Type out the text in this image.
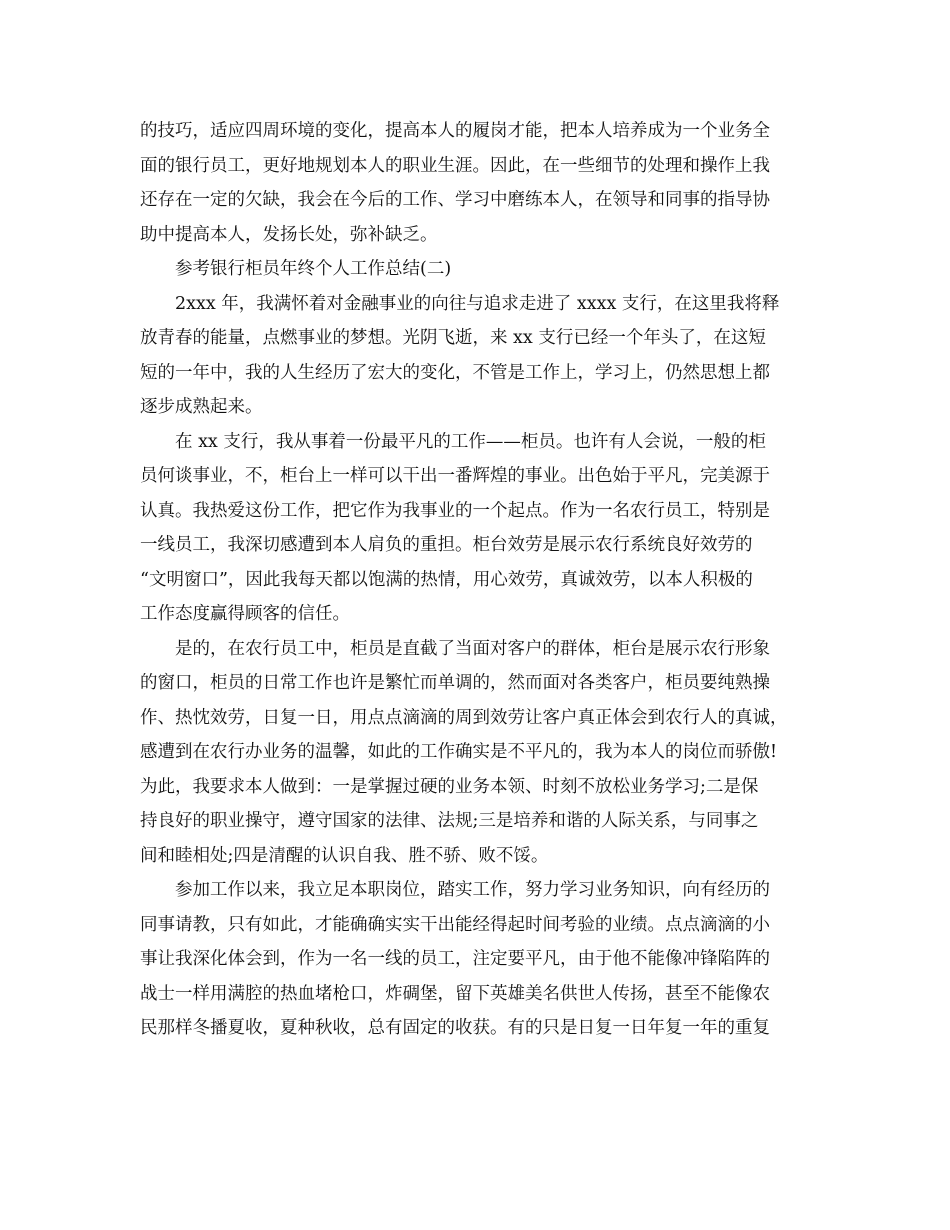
的技巧，适应四周环境的变化，提高本人的履岗才能，把本人培养成为一个业务全
面的银行员工，更好地规划本人的职业生涯。因此，在一些细节的处理和操作上我
还存在一定的欠缺，我会在今后的工作、学习中磨练本人，在领导和同事的指导协
助中提高本人，发扬长处，弥补缺乏。
参考银行柜员年终个人工作总结(二)
2xxx 年，我满怀着对金融事业的向往与追求走进了 xxxx 支行，在这里我将释
放青春的能量，点燃事业的梦想。光阴飞逝，来 xx 支行已经一个年头了，在这短
短的一年中，我的人生经历了宏大的变化，不管是工作上，学习上，仍然思想上都
逐步成熟起来。
在 xx 支行，我从事着一份最平凡的工作——柜员。也许有人会说，一般的柜
员何谈事业，不，柜台上一样可以干出一番辉煌的事业。出色始于平凡，完美源于
认真。我热爱这份工作，把它作为我事业的一个起点。作为一名农行员工，特别是
一线员工，我深切感遭到本人肩负的重担。柜台效劳是展示农行系统良好效劳的
“文明窗口”，因此我每天都以饱满的热情，用心效劳，真诚效劳，以本人积极的
工作态度赢得顾客的信任。
是的，在农行员工中，柜员是直截了当面对客户的群体，柜台是展示农行形象
的窗口，柜员的日常工作也许是繁忙而单调的，然而面对各类客户，柜员要纯熟操
作、热忱效劳，日复一日，用点点滴滴的周到效劳让客户真正体会到农行人的真诚，
感遭到在农行办业务的温馨，如此的工作确实是不平凡的，我为本人的岗位而骄傲!
为此，我要求本人做到：一是掌握过硬的业务本领、时刻不放松业务学习;二是保
持良好的职业操守，遵守国家的法律、法规;三是培养和谐的人际关系，与同事之
间和睦相处;四是清醒的认识自我、胜不骄、败不馁。
参加工作以来，我立足本职岗位，踏实工作，努力学习业务知识，向有经历的
同事请教，只有如此，才能确确实实干出能经得起时间考验的业绩。点点滴滴的小
事让我深化体会到，作为一名一线的员工，注定要平凡，由于他不能像冲锋陷阵的
战士一样用满腔的热血堵枪口，炸碉堡，留下英雄美名供世人传扬，甚至不能像农
民那样冬播夏收，夏种秋收，总有固定的收获。有的只是日复一日年复一年的重复
